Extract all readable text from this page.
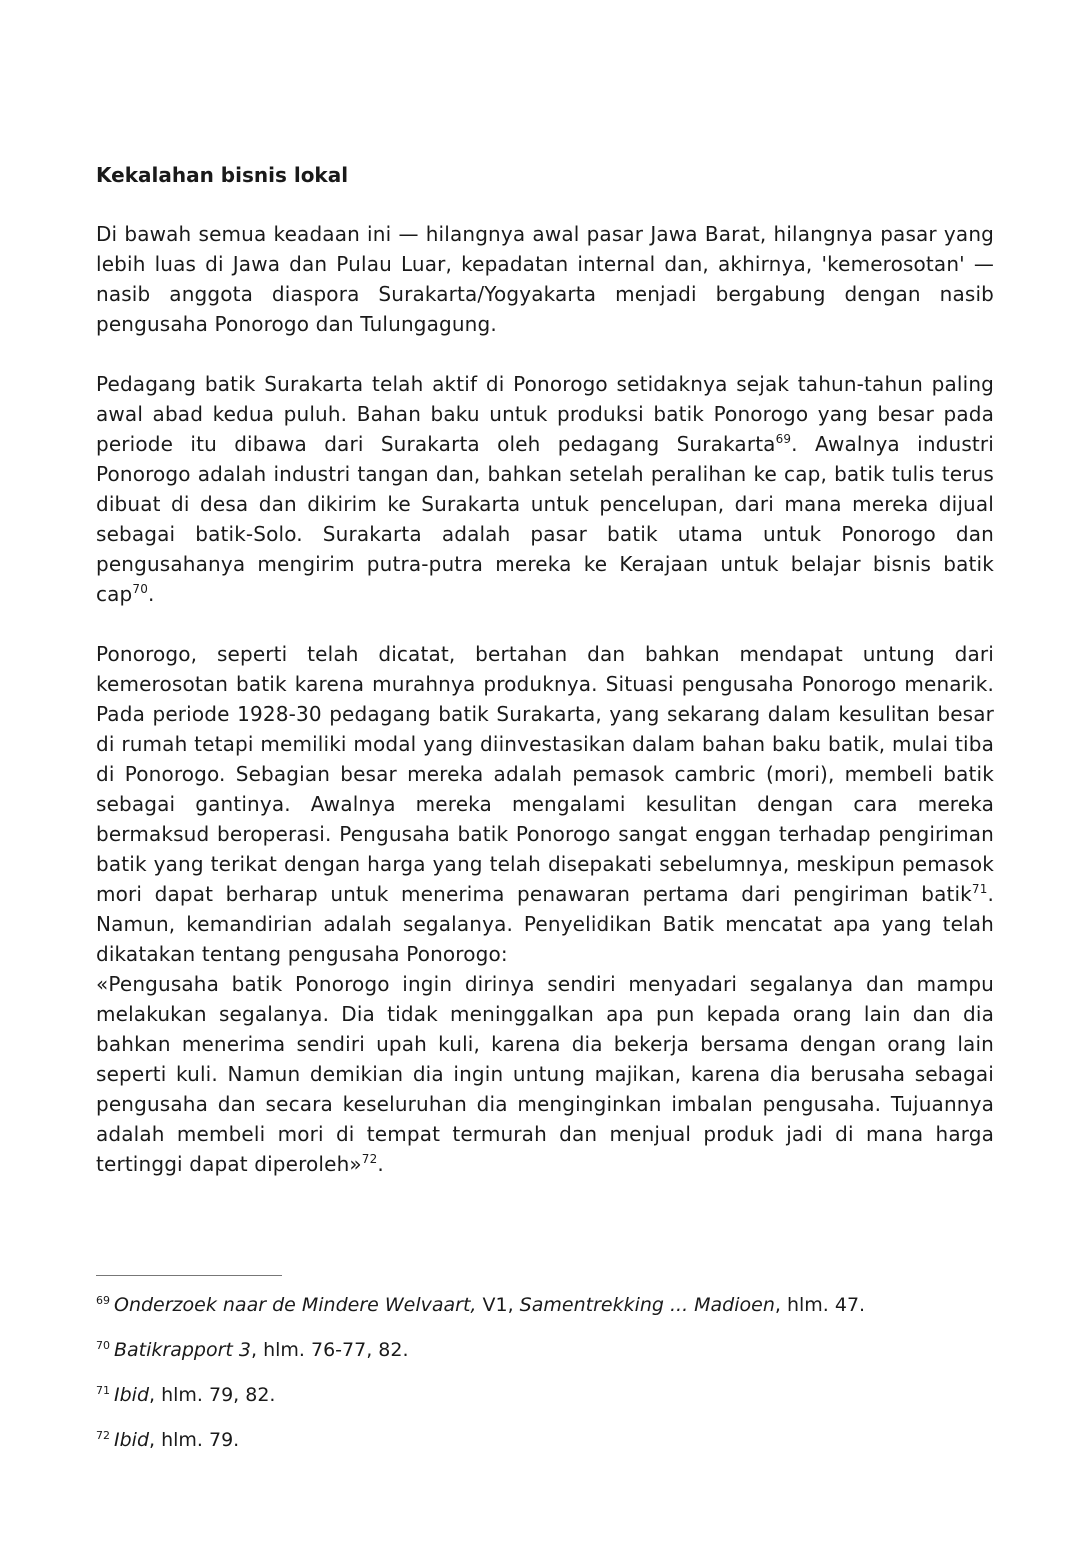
Kekalahan bisnis lokal

Di bawah semua keadaan ini — hilangnya awal pasar Jawa Barat, hilangnya pasar yang lebih luas di Jawa dan Pulau Luar, kepadatan internal dan, akhirnya, 'kemerosotan' — nasib anggota diaspora Surakarta/Yogyakarta menjadi bergabung dengan nasib pengusaha Ponorogo dan Tulungagung.

Pedagang batik Surakarta telah aktif di Ponorogo setidaknya sejak tahun-tahun paling awal abad kedua puluh. Bahan baku untuk produksi batik Ponorogo yang besar pada periode itu dibawa dari Surakarta oleh pedagang Surakarta$^{69}$. Awalnya industri Ponorogo adalah industri tangan dan, bahkan setelah peralihan ke cap, batik tulis terus dibuat di desa dan dikirim ke Surakarta untuk pencelupan, dari mana mereka dijual sebagai batik-Solo. Surakarta adalah pasar batik utama untuk Ponorogo dan pengusahanya mengirim putra-putra mereka ke Kerajaan untuk belajar bisnis batik cap$^{70}$.

Ponorogo, seperti telah dicatat, bertahan dan bahkan mendapat untung dari kemerosotan batik karena murahnya produknya. Situasi pengusaha Ponorogo menarik. Pada periode 1928-30 pedagang batik Surakarta, yang sekarang dalam kesulitan besar di rumah tetapi memiliki modal yang diinvestasikan dalam bahan baku batik, mulai tiba di Ponorogo. Sebagian besar mereka adalah pemasok cambric (mori), membeli batik sebagai gantinya. Awalnya mereka mengalami kesulitan dengan cara mereka bermaksud beroperasi. Pengusaha batik Ponorogo sangat enggan terhadap pengiriman batik yang terikat dengan harga yang telah disepakati sebelumnya, meskipun pemasok mori dapat berharap untuk menerima penawaran pertama dari pengiriman batik$^{71}$. Namun, kemandirian adalah segalanya. Penyelidikan Batik mencatat apa yang telah dikatakan tentang pengusaha Ponorogo:

«Pengusaha batik Ponorogo ingin dirinya sendiri menyadari segalanya dan mampu melakukan segalanya. Dia tidak meninggalkan apa pun kepada orang lain dan dia bahkan menerima sendiri upah kuli, karena dia bekerja bersama dengan orang lain seperti kuli. Namun demikian dia ingin untung majikan, karena dia berusaha sebagai pengusaha dan secara keseluruhan dia menginginkan imbalan pengusaha. Tujuannya adalah membeli mori di tempat termurah dan menjual produk jadi di mana harga tertinggi dapat diperoleh»$^{72}$.

$^{69}$ Onderzoek naar de Mindere Welvaart, V1, Samentrekking ... Madioen, hlm. 47.

$^{70}$ Batikrapport 3, hlm. 76-77, 82.

$^{71}$ Ibid, hlm. 79, 82.

$^{72}$ Ibid, hlm. 79.
